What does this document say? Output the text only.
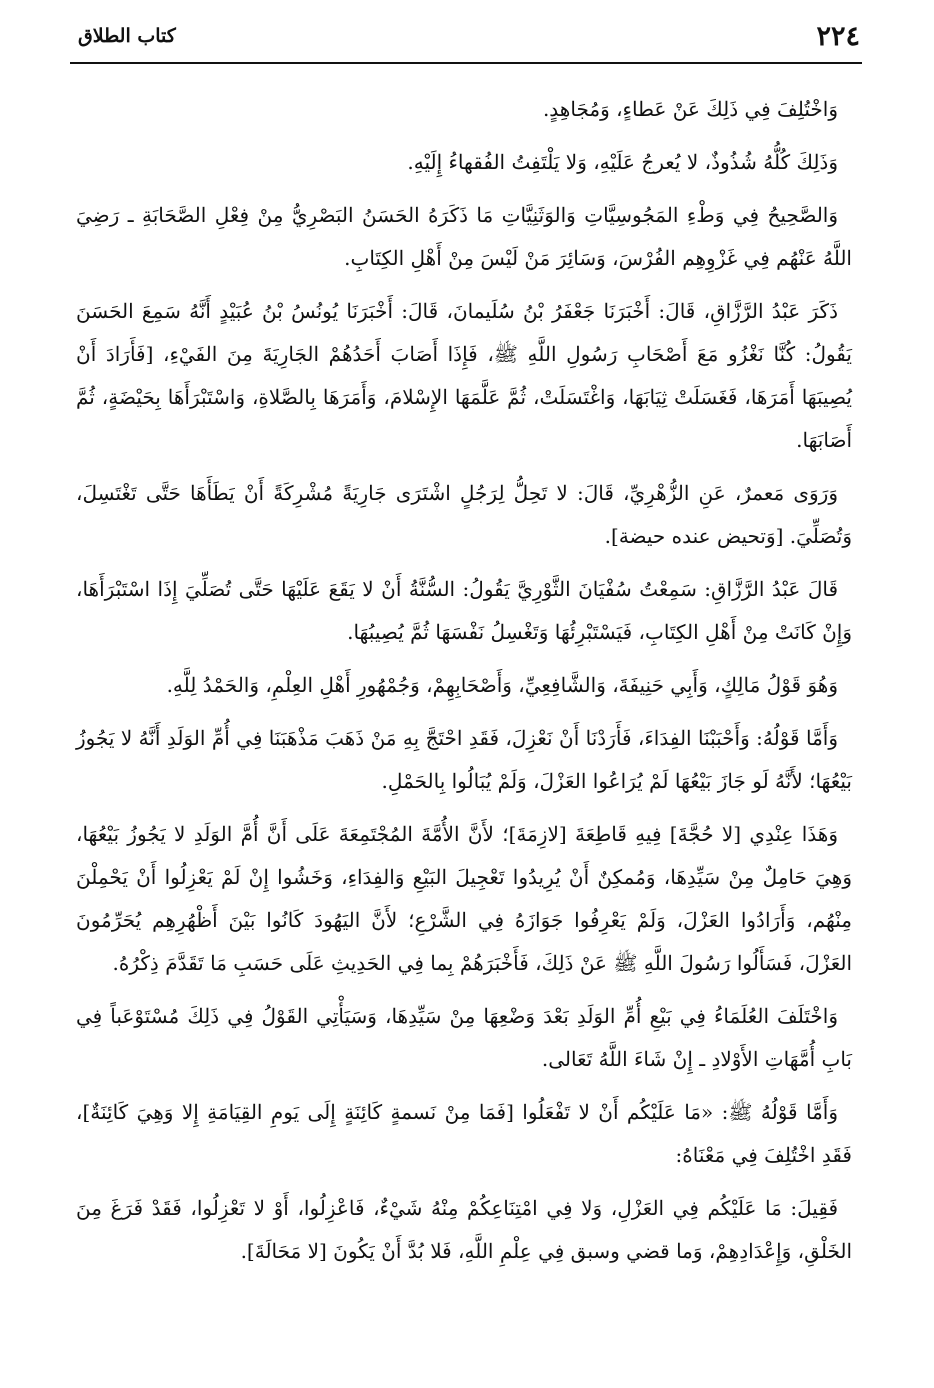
٢٢٤
كتاب الطلاق

وَاخْتُلِفَ فِي ذَلِكَ عَنْ عَطاءٍ، وَمُجَاهِدٍ.

وَذَلِكَ كُلُّهُ شُذُوذٌ، لا يُعرجُ عَلَيْهِ، وَلا يَلْتَفِتُ الفُقهاءُ إِلَيْهِ.

وَالصَّحِيحُ فِي وَطْءِ المَجُوسِيَّاتِ وَالوَثَنِيَّاتِ مَا ذَكَرَهُ الحَسَنُ البَصْرِيُّ مِنْ فِعْلِ الصَّحَابَةِ ـ رَضِيَ اللَّهُ عَنْهُم فِي غَزْوِهِم الفُرْسَ، وَسَائِرَ مَنْ لَيْسَ مِنْ أَهْلِ الكِتَابِ.

ذَكَرَ عَبْدُ الرَّزَّاقِ، قَالَ: أَخْبَرَنَا جَعْفَرُ بْنُ سُلَيمانَ، قَالَ: أَخْبَرَنَا يُونُسُ بْنُ عُبَيْدٍ أَنَّهُ سَمِعَ الحَسَنَ يَقُولُ: كُنَّا نَغْزُو مَعَ أَصْحَابِ رَسُولِ اللَّهِ ﷺ، فَإِذَا أَصَابَ أَحَدُهُمْ الجَارِيَةَ مِنَ الفَيْءِ، [فَأَرَادَ أَنْ يُصِيبَهَا أَمَرَهَا، فَغَسَلَتْ ثِيَابَهَا، وَاغْتَسَلَتْ، ثُمَّ عَلَّمَهَا الإِسْلامَ، وَأَمَرَهَا بِالصَّلاةِ، وَاسْتَبْرَأَهَا بِحَيْضَةٍ، ثُمَّ أَصَابَهَا.

وَرَوَى مَعمرٌ، عَنِ الزُّهْرِيِّ، قَالَ: لا تَحِلُّ لِرَجُلٍ اشْتَرَى جَارِيَةً مُشْرِكَةً أَنْ يَطَأَهَا حَتَّى تَغْتَسِلَ، وَتُصَلِّيَ. [وَتحيض عنده حيضة].

قَالَ عَبْدُ الرَّزَّاقِ: سَمِعْتُ سُفْيَانَ الثَّوْرِيَّ يَقُولُ: السُّنَّةُ أَنْ لا يَقَعَ عَلَيْهَا حَتَّى تُصَلِّيَ إِذَا اسْتَبْرَأَهَا، وَإِنْ كَانَتْ مِنْ أَهْلِ الكِتَابِ، فَيَسْتَبْرِئُهَا وَتَغْسِلُ نَفْسَهَا ثُمَّ يُصِيبُهَا.

وَهُوَ قَوْلُ مَالِكٍ، وَأَبِي حَنِيفَةَ، وَالشَّافِعِيِّ، وَأَصْحَابِهِمْ، وَجُمْهُورِ أَهْلِ العِلْمِ، وَالحَمْدُ لِلَّهِ.

وَأَمَّا قَوْلُهُ: وَأَحْبَبْنَا الفِدَاءَ، فَأَرَدْنَا أَنْ نَعْزِلَ، فَقَدِ احْتَجَّ بِهِ مَنْ ذَهَبَ مَذْهَبَنَا فِي أُمِّ الوَلَدِ أَنَّهُ لا يَجُوزُ بَيْعُهَا؛ لأَنَّهُ لَو جَازَ بَيْعُهَا لَمْ يُرَاعُوا العَزْلَ، وَلَمْ يُبَالُوا بِالحَمْلِ.

وَهَذَا عِنْدِي [لا حُجَّةَ] فِيهِ قَاطِعَةَ [لازِمَةَ]؛ لأَنَّ الأُمَّةَ المُجْتَمِعَةَ عَلَى أَنَّ أُمَّ الوَلَدِ لا يَجُوزُ بَيْعُهَا، وَهِيَ حَامِلٌ مِنْ سَيِّدِهَا، وَمُمكِنٌ أَنْ يُرِيدُوا تَعْجِيلَ البَيْعِ وَالفِدَاءِ، وَخَشُوا إِنْ لَمْ يَعْزِلُوا أَنْ يَحْمِلْنَ مِنْهُم، وَأَرَادُوا العَزْلَ، وَلَمْ يَعْرِفُوا جَوَازَهُ فِي الشَّرْعِ؛ لأَنَّ اليَهُودَ كَانُوا بَيْنَ أَظْهُرِهِم يُحَرِّمُونَ العَزْلَ، فَسَأَلُوا رَسُولَ اللَّهِ ﷺ عَنْ ذَلِكَ، فَأَخْبَرَهُمْ بِما فِي الحَدِيثِ عَلَى حَسَبِ مَا تَقَدَّمَ ذِكْرُهُ.

وَاخْتَلَفَ العُلَمَاءُ فِي بَيْعِ أُمِّ الوَلَدِ بَعْدَ وَضْعِهَا مِنْ سَيِّدِهَا، وَسَيَأْتِي القَوْلُ فِي ذَلِكَ مُسْتَوْعَباً فِي بَابِ أُمَّهَاتِ الأَوْلادِ ـ إِنْ شَاءَ اللَّهُ تَعَالى.

وَأَمَّا قَوْلُهُ ﷺ: «مَا عَلَيْكُم أَنْ لا تَفْعَلُوا [فَمَا مِنْ نَسمةٍ كَائِنَةٍ إِلَى يَومِ القِيَامَةِ إِلا وَهِيَ كَائِنَةٌ]، فَقَدِ اخْتُلِفَ فِي مَعْنَاهُ:

فَقِيلَ: مَا عَلَيْكُم فِي العَزْلِ، وَلا فِي امْتِنَاعِكُمْ مِنْهُ شَيْءٌ، فَاعْزِلُوا، أَوْ لا تَعْزِلُوا، فَقَدْ فَرَغَ مِنَ الخَلْقِ، وَإِعْدَادِهِمْ، وَما قضي وسبق فِي عِلْمِ اللَّهِ، فَلا بُدَّ أَنْ يَكُونَ [لا مَحَالَةَ].
